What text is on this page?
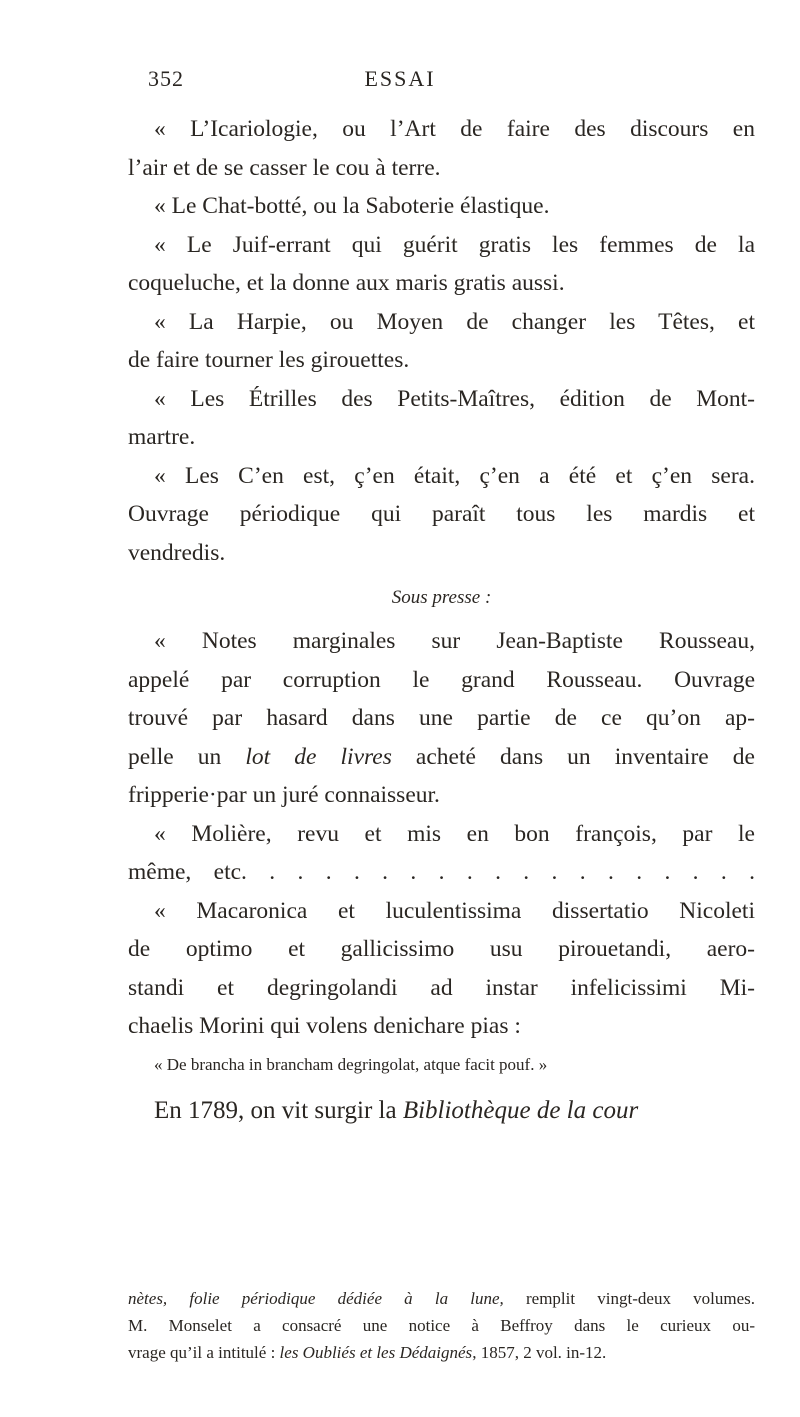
352	ESSAI
« L’Icariologie, ou l’Art de faire des discours en
l’air et de se casser le cou à terre.
« Le Chat-botté, ou la Saboterie élastique.
« Le Juif-errant qui guérit gratis les femmes de la
coqueluche, et la donne aux maris gratis aussi.
« La Harpie, ou Moyen de changer les Têtes, et
de faire tourner les girouettes.
« Les Étrilles des Petits-Maîtres, édition de Mont-
martre.
« Les C’en est, ç’en était, ç’en a été et ç’en sera.
Ouvrage périodique qui paraît tous les mardis et
vendredis.
Sous presse :
« Notes marginales sur Jean-Baptiste Rousseau,
appelé par corruption le grand Rousseau. Ouvrage
trouvé par hasard dans une partie de ce qu’on ap-
pelle un lot de livres acheté dans un inventaire de
fripperie·par un juré connaisseur.
« Molière, revu et mis en bon françois, par le
même, etc. . . . . . . . . . . . . . . . . . .
« Macaronica et luculentissima dissertatio Nicoleti
de optimo et gallicissimo usu pirouetandi, aero-
standi et degringolandi ad instar infelicissimi Mi-
chaelis Morini qui volens denichare pias :
« De brancha in brancham degringolat, atque facit pouf. »
En 1789, on vit surgir la Bibliothèque de la cour
nètes, folie périodique dédiée à la lune, remplit vingt-deux volumes.
M. Monselet a consacré une notice à Beffroy dans le curieux ou-
vrage qu’il a intitulé : les Oubliés et les Dédaignés, 1857, 2 vol. in-12.
